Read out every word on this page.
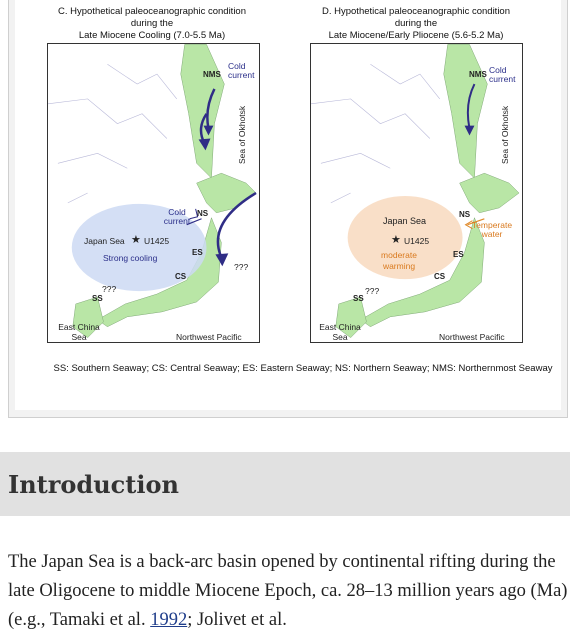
C. Hypothetical paleoceanographic condition
during the
Late Miocene Cooling (7.0-5.5 Ma)
D. Hypothetical paleoceanographic condition
during the
Late Miocene/Early Pliocene (5.6-5.2 Ma)
NMS
Cold current
Sea of Okhotsk
Cold current
NS
Japan Sea ★ U1425
Strong cooling
ES
???
CS
???
SS
East China Sea	Northwest Pacific
NMS Cold current
Sea of Okhotsk
Japan Sea
NS
Temperate water
★ U1425
moderate warming
ES
CS
???
SS
East China Sea	Northwest Pacific
SS: Southern Seaway; CS: Central Seaway; ES: Eastern Seaway; NS: Northern Seaway; NMS: Northernmost Seaway
Introduction
The Japan Sea is a back-arc basin opened by continental rifting during the late Oligocene to middle Miocene Epoch, ca. 28–13 million years ago (Ma) (e.g., Tamaki et al. 1992; Jolivet et al.
